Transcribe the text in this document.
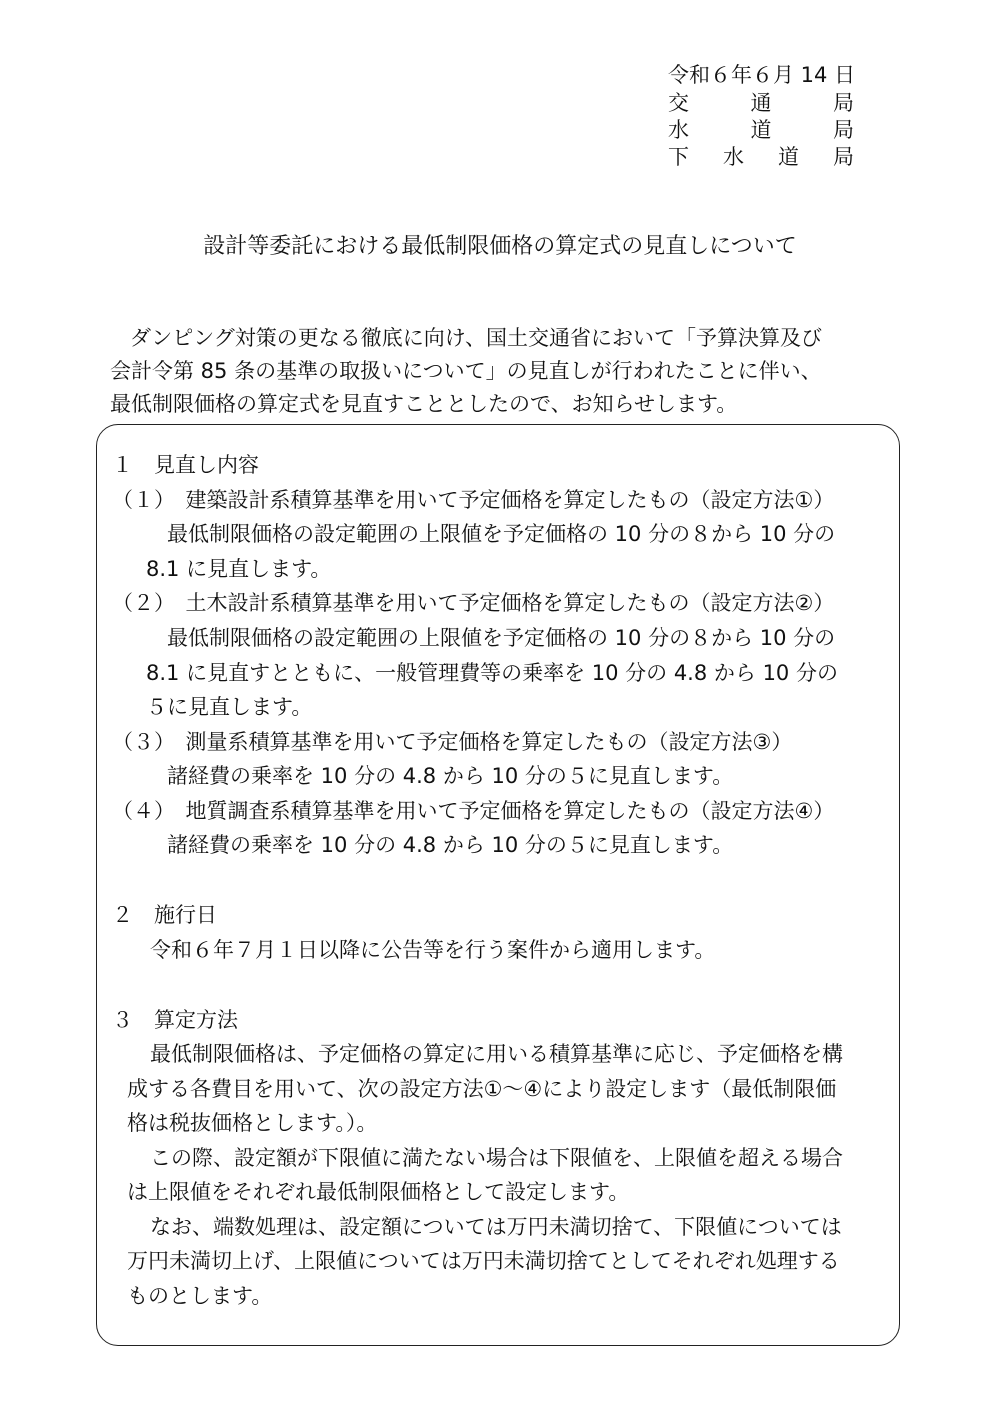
令和６年６月 14 日
交	通	局
水	道	局
下 水 道 局
設計等委託における最低制限価格の算定式の見直しについて
ダンピング対策の更なる徹底に向け、国土交通省において「予算決算及び
会計令第 85 条の基準の取扱いについて」の見直しが行われたことに伴い、
最低制限価格の算定式を見直すこととしたので、お知らせします。
１　見直し内容
（１）　建築設計系積算基準を用いて予定価格を算定したもの（設定方法①）
最低制限価格の設定範囲の上限値を予定価格の 10 分の８から 10 分の
8.1 に見直します。
（２）　土木設計系積算基準を用いて予定価格を算定したもの（設定方法②）
最低制限価格の設定範囲の上限値を予定価格の 10 分の８から 10 分の
8.1 に見直すとともに、一般管理費等の乗率を 10 分の 4.8 から 10 分の
５に見直します。
（３）　測量系積算基準を用いて予定価格を算定したもの（設定方法③）
諸経費の乗率を 10 分の 4.8 から 10 分の５に見直します。
（４）　地質調査系積算基準を用いて予定価格を算定したもの（設定方法④）
諸経費の乗率を 10 分の 4.8 から 10 分の５に見直します。
２　施行日
令和６年７月１日以降に公告等を行う案件から適用します。
３　算定方法
最低制限価格は、予定価格の算定に用いる積算基準に応じ、予定価格を構
成する各費目を用いて、次の設定方法①～④により設定します（最低制限価
格は税抜価格とします。）。
この際、設定額が下限値に満たない場合は下限値を、上限値を超える場合
は上限値をそれぞれ最低制限価格として設定します。
なお、端数処理は、設定額については万円未満切捨て、下限値については
万円未満切上げ、上限値については万円未満切捨てとしてそれぞれ処理する
ものとします。
